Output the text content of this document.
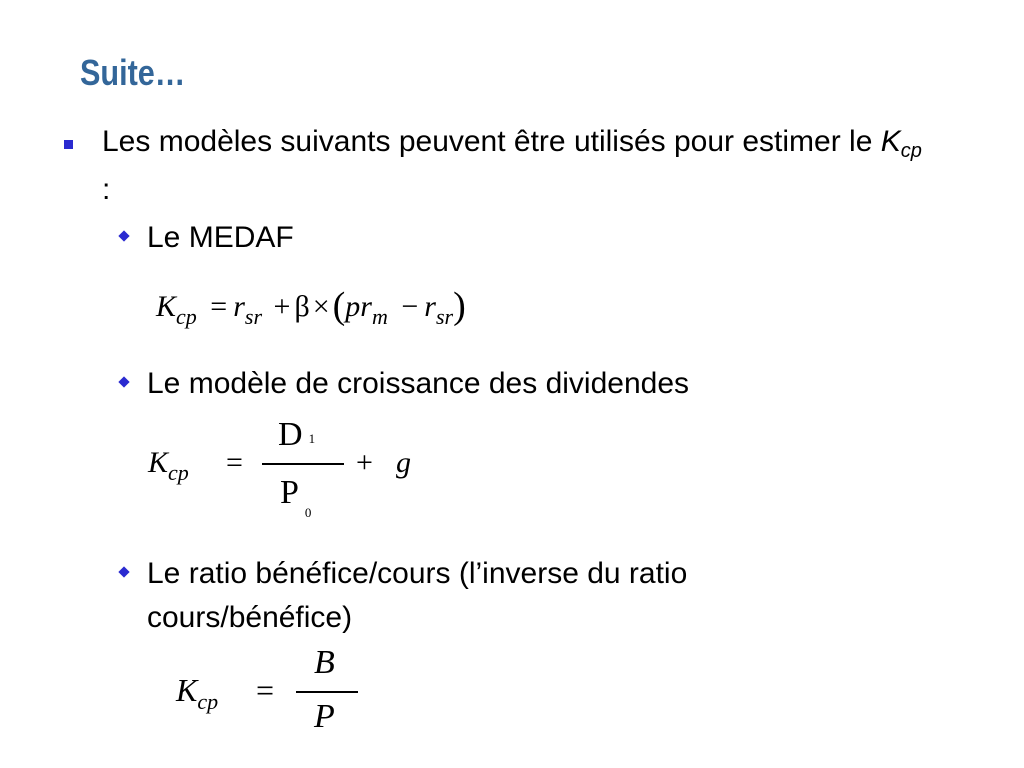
Suite…
Les modèles suivants peuvent être utilisés pour estimer le $K_{cp}$ :
Le MEDAF
$K_{cp} = r_{sr} + \beta \times(pr_m - r_{sr})$
Le modèle de croissance des dividendes
$K_{cp}$ =
D 1
$P_0$
+ g
Le ratio bénéfice/cours (l’inverse du ratio cours/bénéfice)
$K_{cp}$ =
B
P
